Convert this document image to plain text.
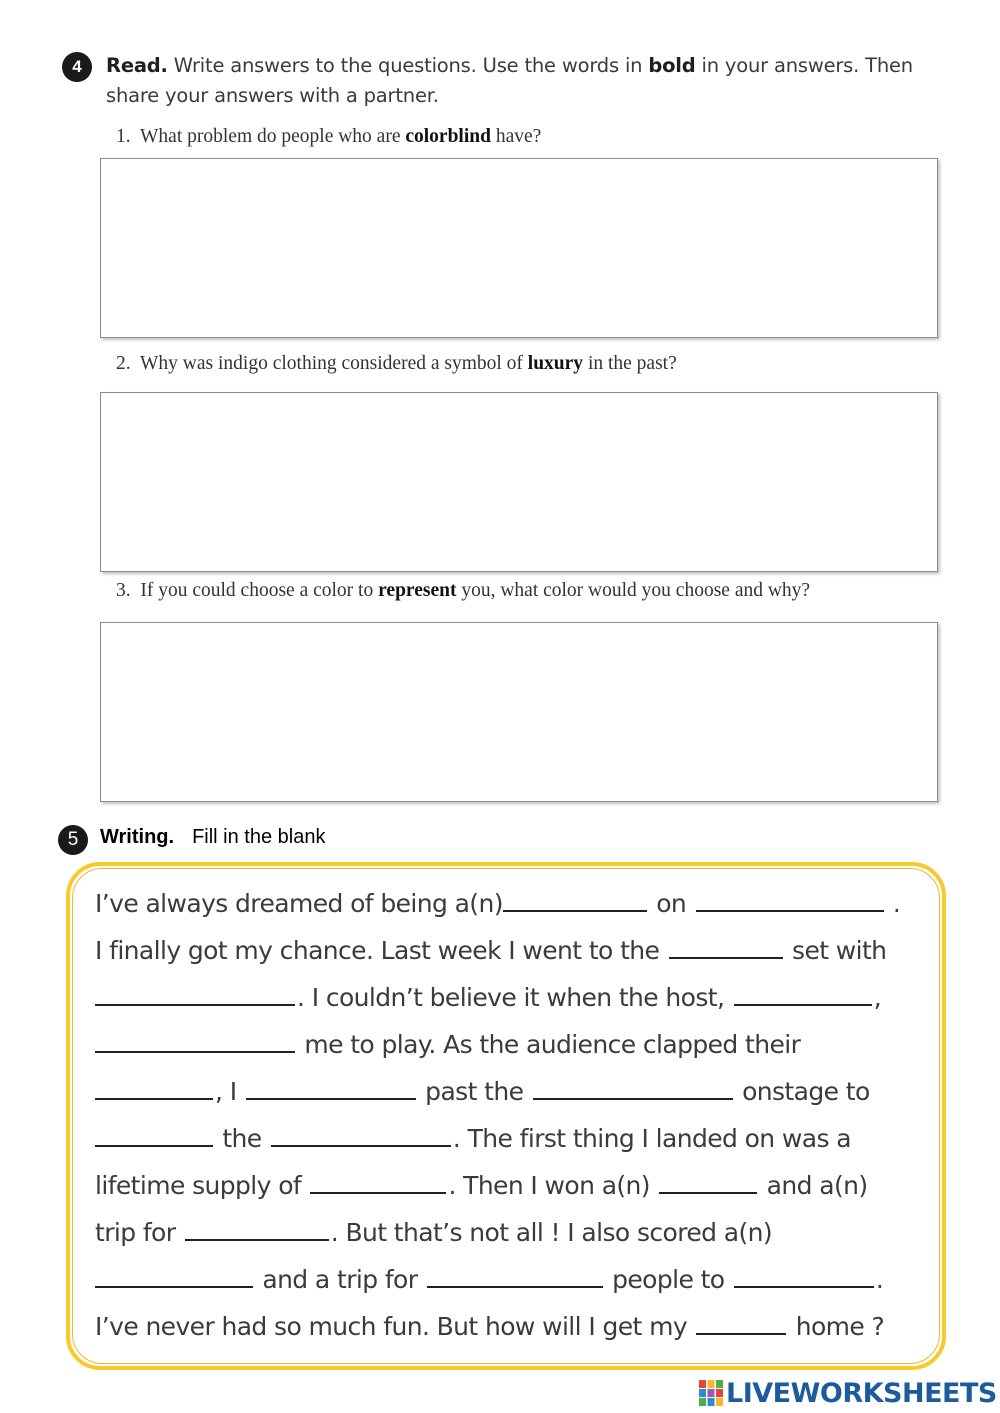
4	Read. Write answers to the questions. Use the words in bold in your answers. Then share your answers with a partner.
1. What problem do people who are colorblind have?
2. Why was indigo clothing considered a symbol of luxury in the past?
3. If you could choose a color to represent you, what color would you choose and why?
5	Writing. Fill in the blank
I’ve always dreamed of being a(n)	on	.
I finally got my chance. Last week I went to the	set with
. I couldn’t believe it when the host,	,
me to play. As the audience clapped their
, I	past the	onstage to
the	. The first thing I landed on was a
lifetime supply of	. Then I won a(n)	and a(n)
trip for	. But that’s not all ! I also scored a(n)
and a trip for	people to	.
I’ve never had so much fun. But how will I get my	home ?
LIVEWORKSHEETS
